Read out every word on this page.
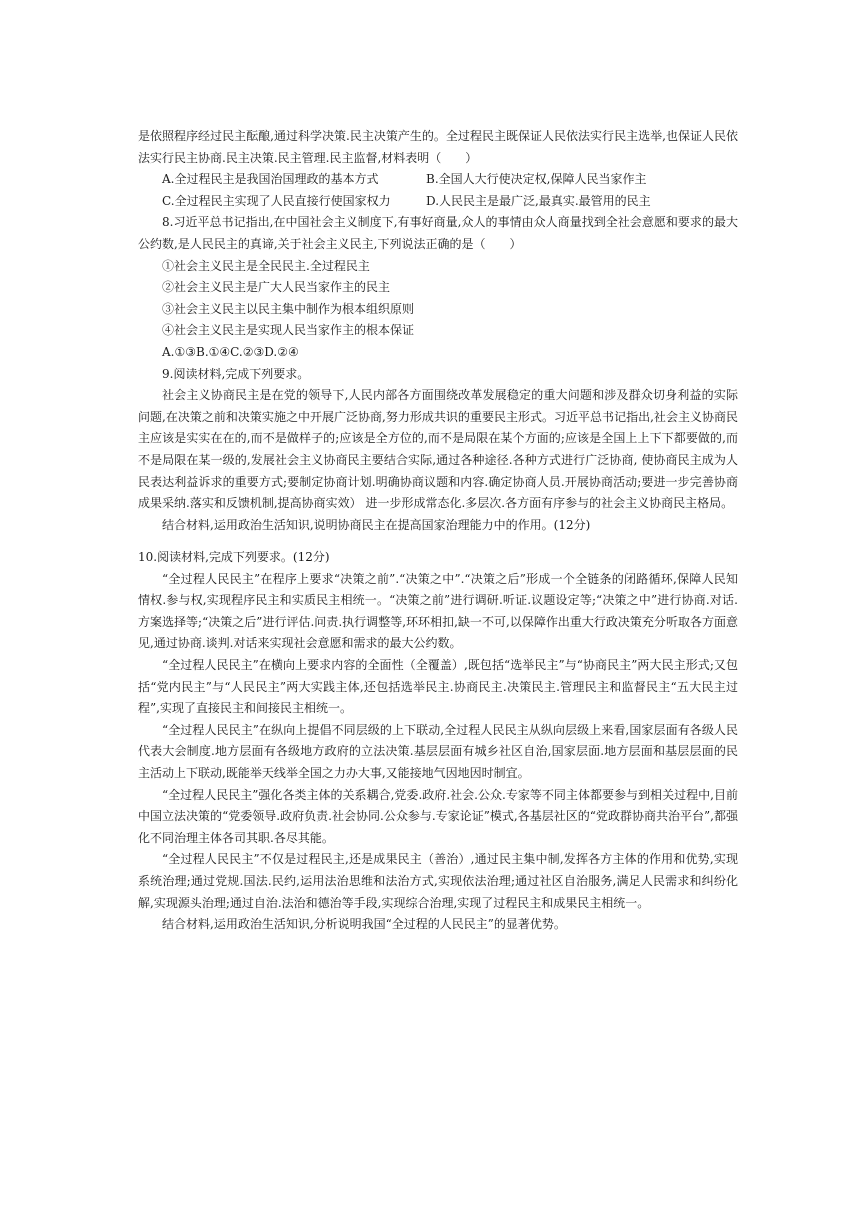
是依照程序经过民主酝酿,通过科学决策.民主决策产生的。全过程民主既保证人民依法实行民主选举,也保证人民依法实行民主协商.民主决策.民主管理.民主监督,材料表明（　　）

A.全过程民主是我国治国理政的基本方式	B.全国人大行使决定权,保障人民当家作主
C.全过程民主实现了人民直接行使国家权力	D.人民民主是最广泛,最真实.最管用的民主

8.习近平总书记指出,在中国社会主义制度下,有事好商量,众人的事情由众人商量找到全社会意愿和要求的最大公约数,是人民民主的真谛,关于社会主义民主,下列说法正确的是（　　）

①社会主义民主是全民民主.全过程民主

②社会主义民主是广大人民当家作主的民主

③社会主义民主以民主集中制作为根本组织原则

④社会主义民主是实现人民当家作主的根本保证

A.①③B.①④C.②③D.②④

9.阅读材料,完成下列要求。

社会主义协商民主是在党的领导下,人民内部各方面围绕改革发展稳定的重大问题和涉及群众切身利益的实际问题,在决策之前和决策实施之中开展广泛协商,努力形成共识的重要民主形式。习近平总书记指出,社会主义协商民主应该是实实在在的,而不是做样子的;应该是全方位的,而不是局限在某个方面的;应该是全国上上下下都要做的,而不是局限在某一级的,发展社会主义协商民主要结合实际,通过各种途径.各种方式进行广泛协商, 使协商民主成为人民表达利益诉求的重要方式;要制定协商计划.明确协商议题和内容.确定协商人员.开展协商活动;要进一步完善协商成果采纳.落实和反馈机制,提高协商实效） 进一步形成常态化.多层次.各方面有序参与的社会主义协商民主格局。

结合材料,运用政治生活知识,说明协商民主在提高国家治理能力中的作用。(12分)

10.阅读材料,完成下列要求。(12分)

“全过程人民民主”在程序上要求“决策之前”.“决策之中”.“决策之后”形成一个全链条的闭路循环,保障人民知情权.参与权,实现程序民主和实质民主相统一。“决策之前”进行调研.听证.议题设定等;“决策之中”进行协商.对话.方案选择等;“决策之后”进行评估.问责.执行调整等,环环相扣,缺一不可,以保障作出重大行政决策充分听取各方面意见,通过协商.谈判.对话来实现社会意愿和需求的最大公约数。

“全过程人民民主”在横向上要求内容的全面性（全覆盖）,既包括“选举民主”与“协商民主”两大民主形式;又包括“党内民主”与“人民民主”两大实践主体,还包括选举民主.协商民主.决策民主.管理民主和监督民主“五大民主过程”,实现了直接民主和间接民主相统一。

“全过程人民民主”在纵向上提倡不同层级的上下联动,全过程人民民主从纵向层级上来看,国家层面有各级人民代表大会制度.地方层面有各级地方政府的立法决策.基层层面有城乡社区自治,国家层面.地方层面和基层层面的民主活动上下联动,既能举天线举全国之力办大事,又能接地气因地因时制宜。

“全过程人民民主”强化各类主体的关系耦合,党委.政府.社会.公众.专家等不同主体都要参与到相关过程中,目前中国立法决策的“党委领导.政府负责.社会协同.公众参与.专家论证”模式,各基层社区的“党政群协商共治平台”,都强化不同治理主体各司其职.各尽其能。

“全过程人民民主”不仅是过程民主,还是成果民主（善治）,通过民主集中制,发挥各方主体的作用和优势,实现系统治理;通过党规.国法.民约,运用法治思维和法治方式,实现依法治理;通过社区自治服务,满足人民需求和纠纷化解,实现源头治理;通过自治.法治和德治等手段,实现综合治理,实现了过程民主和成果民主相统一。

结合材料,运用政治生活知识,分析说明我国“全过程的人民民主”的显著优势。
